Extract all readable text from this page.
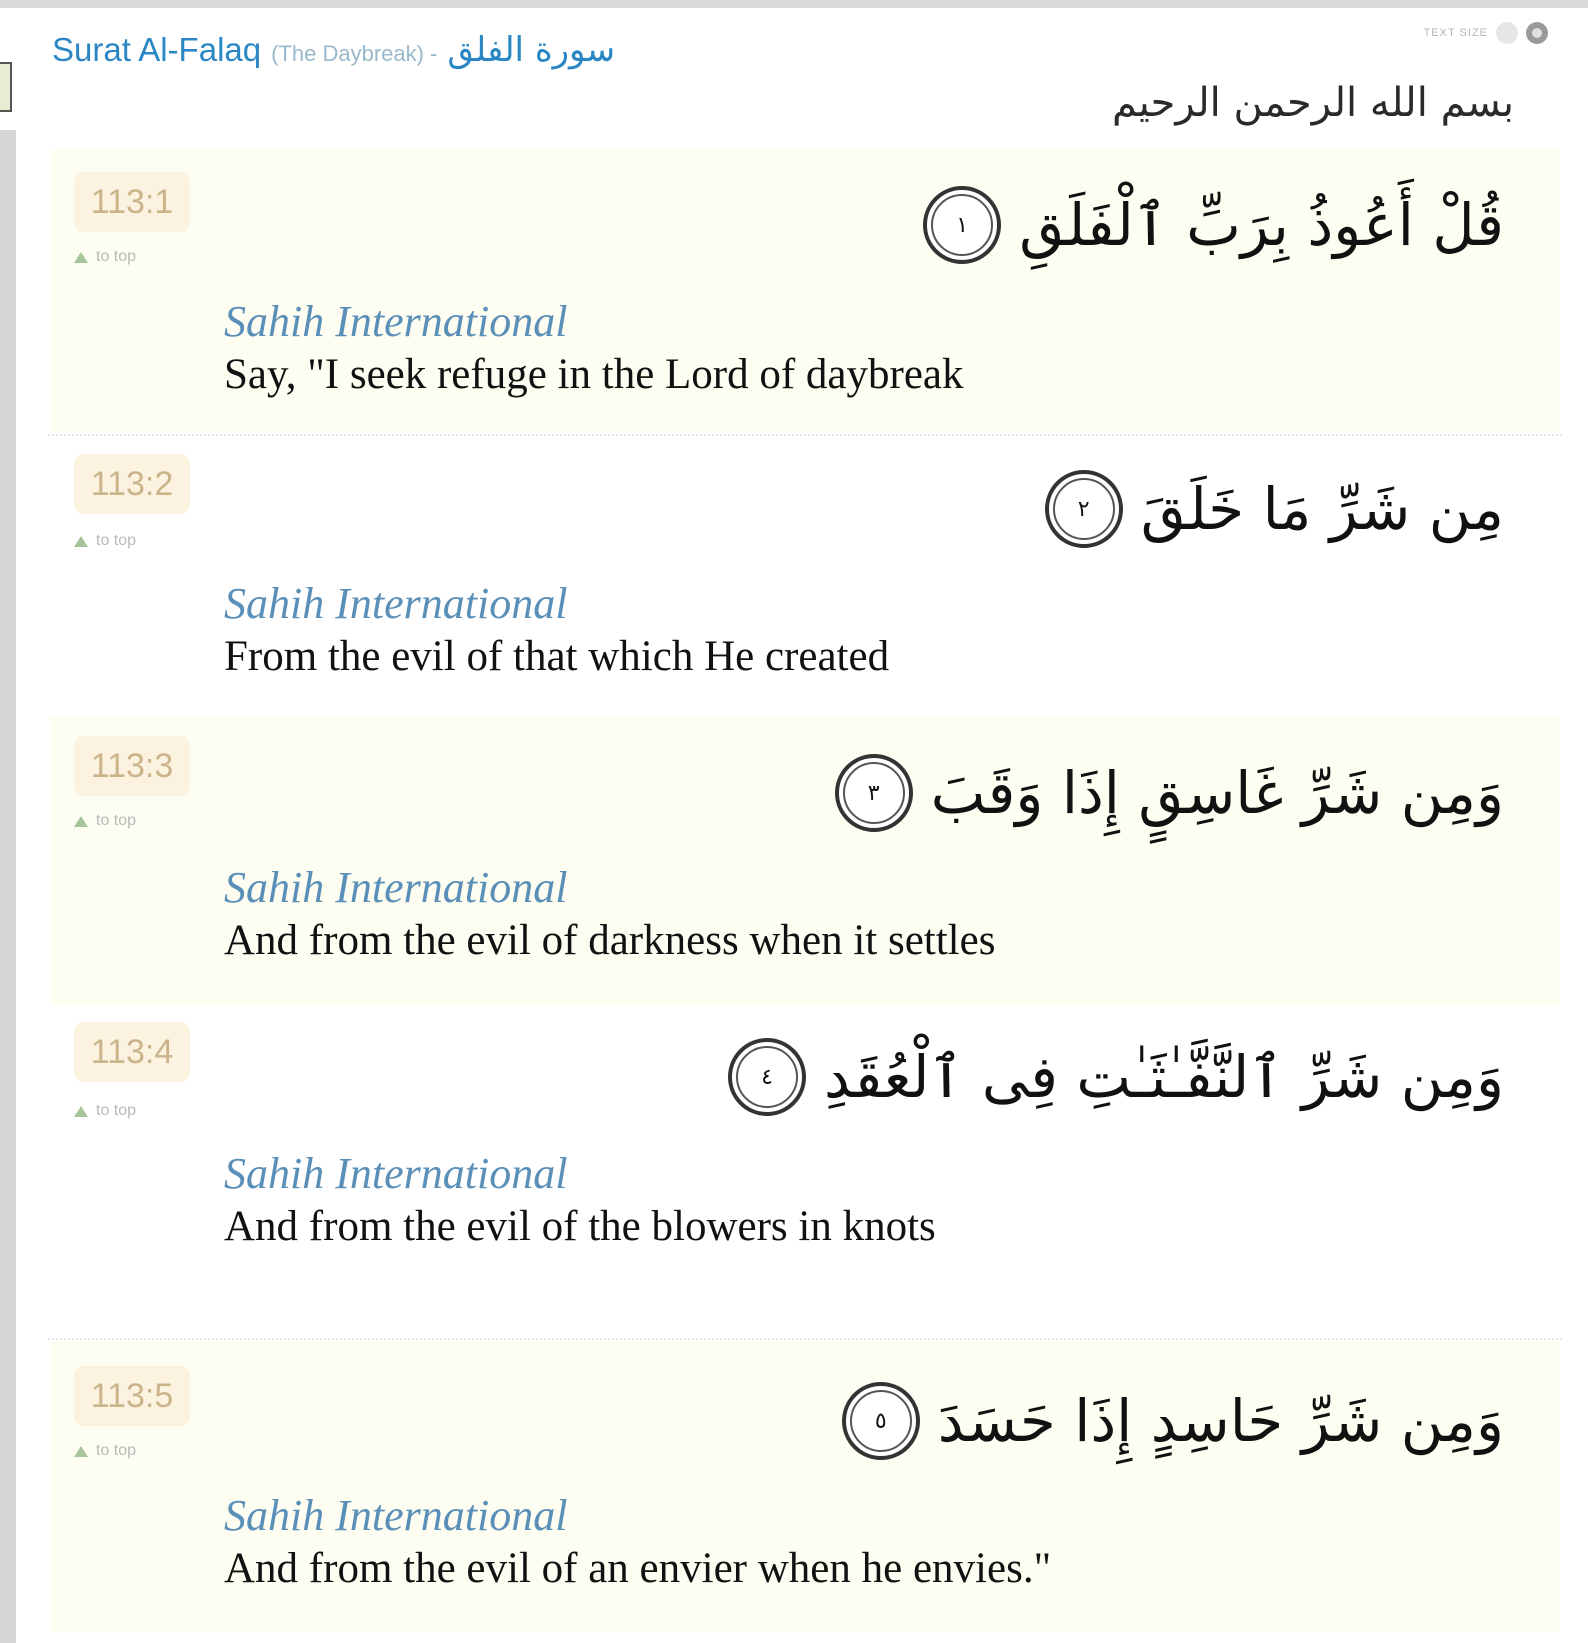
Surat Al-Falaq (The Daybreak) - سورة الفلق	TEXT SIZE
بسم الله الرحمن الرحيم
113:1
to top	قُلْ أَعُوذُ بِرَبِّ ٱلْفَلَقِ
١
Sahih International
Say, "I seek refuge in the Lord of daybreak
113:2
to top	مِن شَرِّ مَا خَلَقَ
٢
Sahih International
From the evil of that which He created
113:3
to top	وَمِن شَرِّ غَاسِقٍ إِذَا وَقَبَ
٣
Sahih International
And from the evil of darkness when it settles
113:4
to top	وَمِن شَرِّ ٱلنَّفَّـٰثَـٰتِ فِى ٱلْعُقَدِ
٤
Sahih International
And from the evil of the blowers in knots
113:5
to top	وَمِن شَرِّ حَاسِدٍ إِذَا حَسَدَ
٥
Sahih International
And from the evil of an envier when he envies."
